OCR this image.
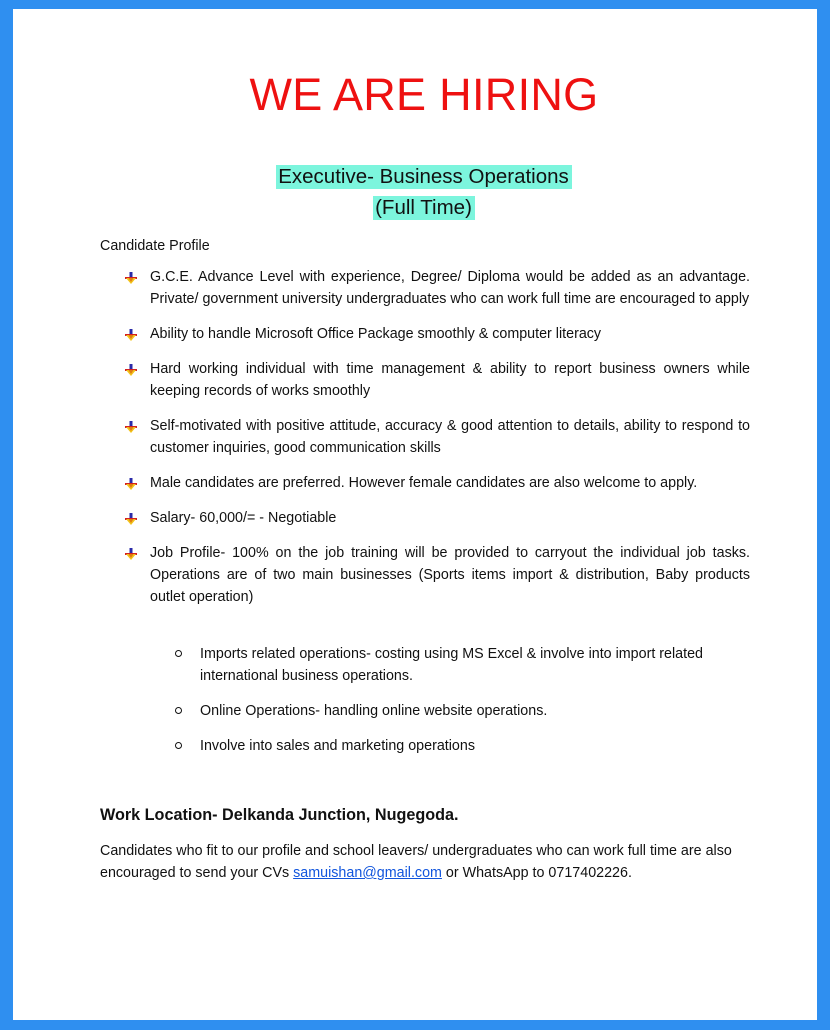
WE ARE HIRING
Executive- Business Operations
(Full Time)
Candidate Profile
G.C.E. Advance Level with experience, Degree/ Diploma would be added as an advantage. Private/ government university undergraduates who can work full time are encouraged to apply
Ability to handle Microsoft Office Package smoothly & computer literacy
Hard working individual with time management & ability to report business owners while keeping records of works smoothly
Self-motivated with positive attitude, accuracy & good attention to details, ability to respond to customer inquiries, good communication skills
Male candidates are preferred. However female candidates are also welcome to apply.
Salary- 60,000/= - Negotiable
Job Profile- 100% on the job training will be provided to carryout the individual job tasks. Operations are of two main businesses (Sports items import & distribution, Baby products outlet operation)
Imports related operations- costing using MS Excel & involve into import related international business operations.
Online Operations- handling online website operations.
Involve into sales and marketing operations
Work Location- Delkanda Junction, Nugegoda.
Candidates who fit to our profile and school leavers/ undergraduates who can work full time are also encouraged to send your CVs samuishan@gmail.com or WhatsApp to 0717402226.
